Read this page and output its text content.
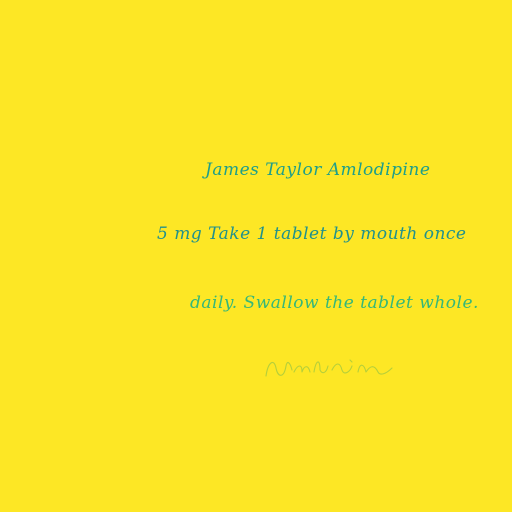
James Taylor Amlodipine
5 mg Take 1 tablet by mouth once
daily. Swallow the tablet whole.
